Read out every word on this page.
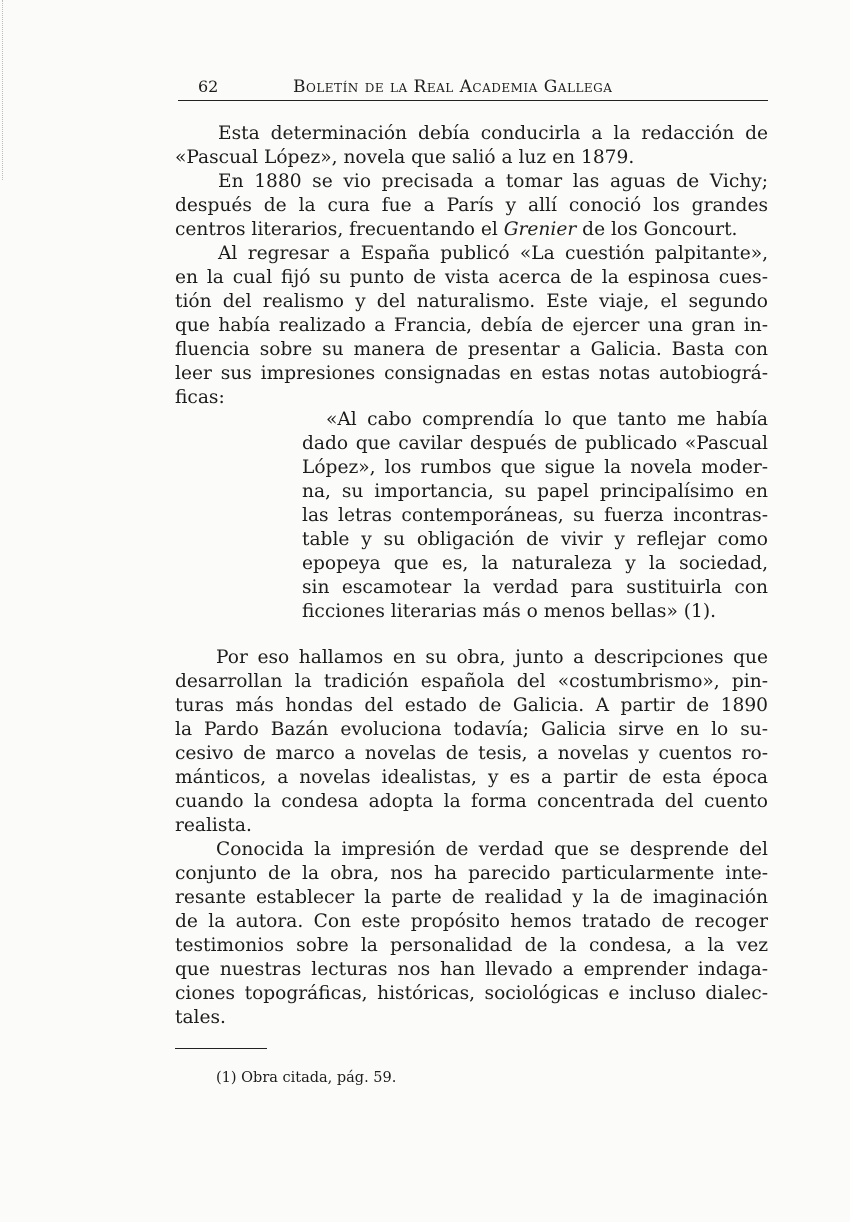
62	Boletín de la Real Academia Gallega
Esta determinación debía conducirla a la redacción de
«Pascual López», novela que salió a luz en 1879.
En 1880 se vio precisada a tomar las aguas de Vichy;
después de la cura fue a París y allí conoció los grandes
centros literarios, frecuentando el Grenier de los Goncourt.
Al regresar a España publicó «La cuestión palpitante»,
en la cual fijó su punto de vista acerca de la espinosa cues-
tión del realismo y del naturalismo. Este viaje, el segundo
que había realizado a Francia, debía de ejercer una gran in-
fluencia sobre su manera de presentar a Galicia. Basta con
leer sus impresiones consignadas en estas notas autobiográ-
ficas:
«Al cabo comprendía lo que tanto me había
dado que cavilar después de publicado «Pascual
López», los rumbos que sigue la novela moder-
na, su importancia, su papel principalísimo en
las letras contemporáneas, su fuerza incontras-
table y su obligación de vivir y reflejar como
epopeya que es, la naturaleza y la sociedad,
sin escamotear la verdad para sustituirla con
ficciones literarias más o menos bellas» (1).
Por eso hallamos en su obra, junto a descripciones que
desarrollan la tradición española del «costumbrismo», pin-
turas más hondas del estado de Galicia. A partir de 1890
la Pardo Bazán evoluciona todavía; Galicia sirve en lo su-
cesivo de marco a novelas de tesis, a novelas y cuentos ro-
mánticos, a novelas idealistas, y es a partir de esta época
cuando la condesa adopta la forma concentrada del cuento
realista.
Conocida la impresión de verdad que se desprende del
conjunto de la obra, nos ha parecido particularmente inte-
resante establecer la parte de realidad y la de imaginación
de la autora. Con este propósito hemos tratado de recoger
testimonios sobre la personalidad de la condesa, a la vez
que nuestras lecturas nos han llevado a emprender indaga-
ciones topográficas, históricas, sociológicas e incluso dialec-
tales.
(1) Obra citada, pág. 59.
